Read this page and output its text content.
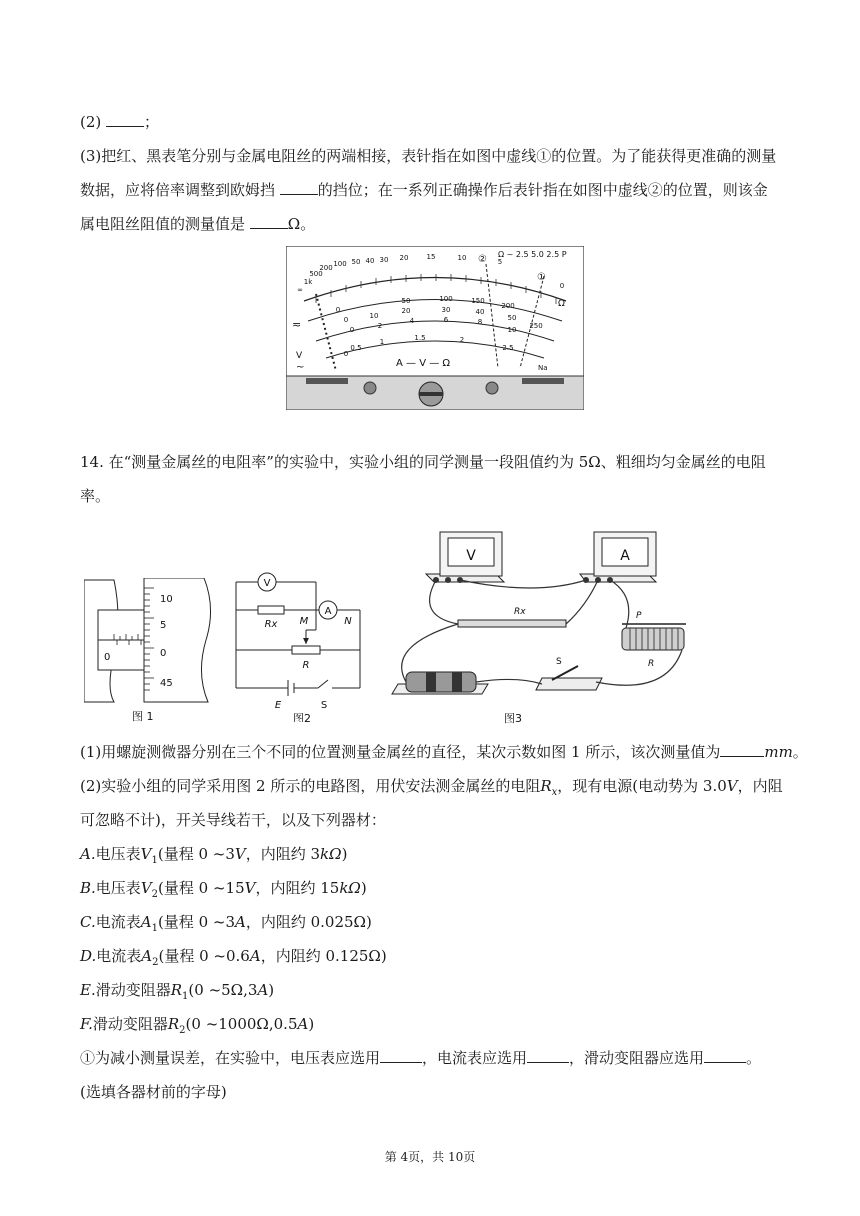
(2)	；
(3)把红、黑表笔分别与金属电阻丝的两端相接，表针指在如图中虚线①的位置。为了能获得更准确的测量
数据，应将倍率调整到欧姆挡	的挡位；在一系列正确操作后表针指在如图中虚线②的位置，则该金
属电阻丝阻值的测量值是	Ω。
∞
1k
500
200 100 50 40 30 20	15	10	5
0
0
50	100	150
200
250
0	10
20	30	40
50
0	2
4	6	8
10
0
0.5
1	1.5	2
2.5
②
①
Ω ~ 2.5 5.0 2.5 P
Ω
≂
V
~	A — V — Ω	Na
14. 在“测量金属丝的电阻率”的实验中，实验小组的同学测量一段阻值约为 5Ω、粗细均匀金属丝的电阻
率。
10
5
0
45
0
图 1
V
A
Rx M	N
R
E	S
图2
V	A
Rx	P
R
S
图3
(1)用螺旋测微器分别在三个不同的位置测量金属丝的直径，某次示数如图 1 所示，该次测量值为	mm。
(2)实验小组的同学采用图 2 所示的电路图，用伏安法测金属丝的电阻$R_x$，现有电源(电动势为 3.0V，内阻
可忽略不计)，开关导线若干，以及下列器材：
A.电压表$V_1$(量程 0 ~3V，内阻约 3kΩ)
B.电压表$V_2$(量程 0 ~15V，内阻约 15kΩ)
C.电流表$A_1$(量程 0 ~3A，内阻约 0.025Ω)
D.电流表$A_2$(量程 0 ~0.6A，内阻约 0.125Ω)
E.滑动变阻器$R_1(0$ ~5Ω,3A)
F.滑动变阻器$R_2(0$ ~1000Ω,0.5A)
①为减小测量误差，在实验中，电压表应选用	，电流表应选用	，滑动变阻器应选用	。
(选填各器材前的字母)
第 4页，共 10页
